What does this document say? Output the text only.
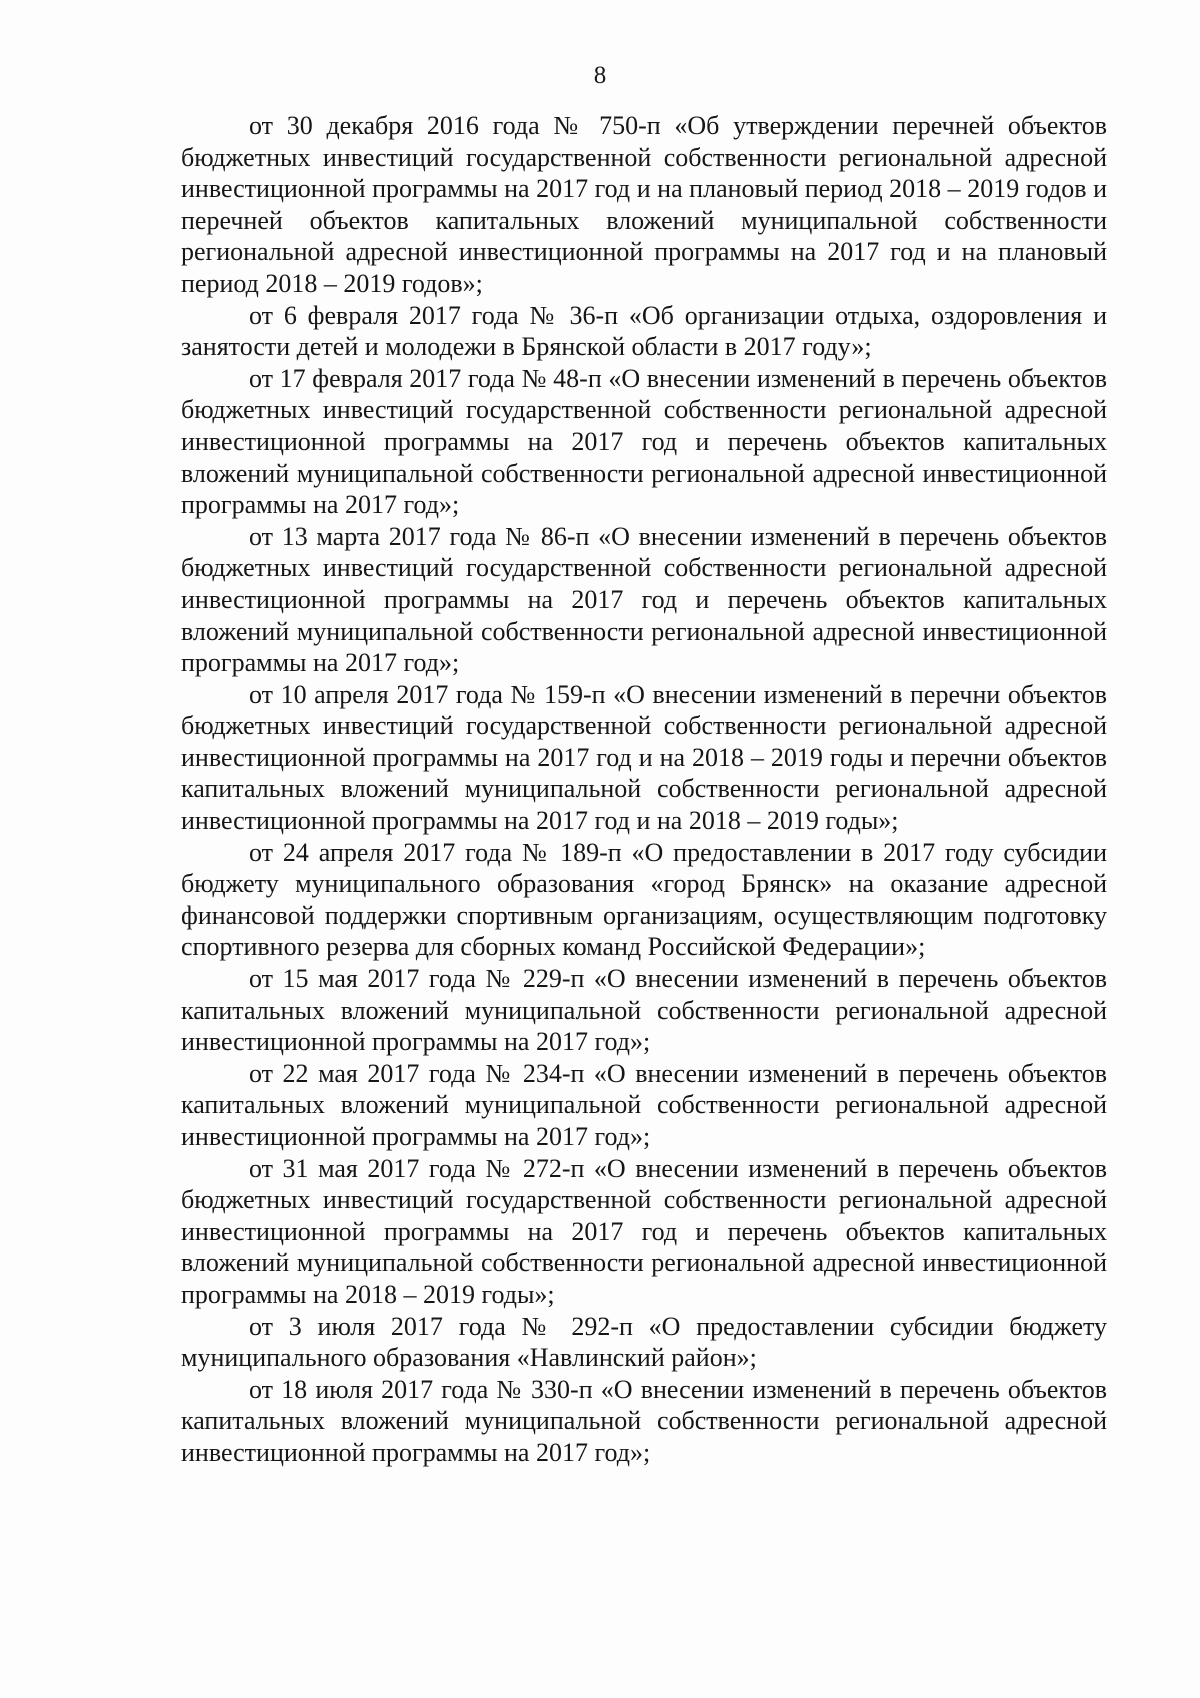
8

от 30 декабря 2016 года № 750-п «Об утверждении перечней объектов бюджетных инвестиций государственной собственности региональной адресной инвестиционной программы на 2017 год и на плановый период 2018 – 2019 годов и перечней объектов капитальных вложений муниципальной собственности региональной адресной инвестиционной программы на 2017 год и на плановый период 2018 – 2019 годов»;

от 6 февраля 2017 года № 36-п «Об организации отдыха, оздоровления и занятости детей и молодежи в Брянской области в 2017 году»;

от 17 февраля 2017 года № 48-п «О внесении изменений в перечень объектов бюджетных инвестиций государственной собственности региональной адресной инвестиционной программы на 2017 год и перечень объектов капитальных вложений муниципальной собственности региональной адресной инвестиционной программы на 2017 год»;

от 13 марта 2017 года № 86-п «О внесении изменений в перечень объектов бюджетных инвестиций государственной собственности региональной адресной инвестиционной программы на 2017 год и перечень объектов капитальных вложений муниципальной собственности региональной адресной инвестиционной программы на 2017 год»;

от 10 апреля 2017 года № 159-п «О внесении изменений в перечни объектов бюджетных инвестиций государственной собственности региональной адресной инвестиционной программы на 2017 год и на 2018 – 2019 годы и перечни объектов капитальных вложений муниципальной собственности региональной адресной инвестиционной программы на 2017 год и на 2018 – 2019 годы»;

от 24 апреля 2017 года № 189-п «О предоставлении в 2017 году субсидии бюджету муниципального образования «город Брянск» на оказание адресной финансовой поддержки спортивным организациям, осуществляющим подготовку спортивного резерва для сборных команд Российской Федерации»;

от 15 мая 2017 года № 229-п «О внесении изменений в перечень объектов капитальных вложений муниципальной собственности региональной адресной инвестиционной программы на 2017 год»;

от 22 мая 2017 года № 234-п «О внесении изменений в перечень объектов капитальных вложений муниципальной собственности региональной адресной инвестиционной программы на 2017 год»;

от 31 мая 2017 года № 272-п «О внесении изменений в перечень объектов бюджетных инвестиций государственной собственности региональной адресной инвестиционной программы на 2017 год и перечень объектов капитальных вложений муниципальной собственности региональной адресной инвестиционной программы на 2018 – 2019 годы»;

от 3 июля 2017 года № 292-п «О предоставлении субсидии бюджету муниципального образования «Навлинский район»;

от 18 июля 2017 года № 330-п «О внесении изменений в перечень объектов капитальных вложений муниципальной собственности региональной адресной инвестиционной программы на 2017 год»;
